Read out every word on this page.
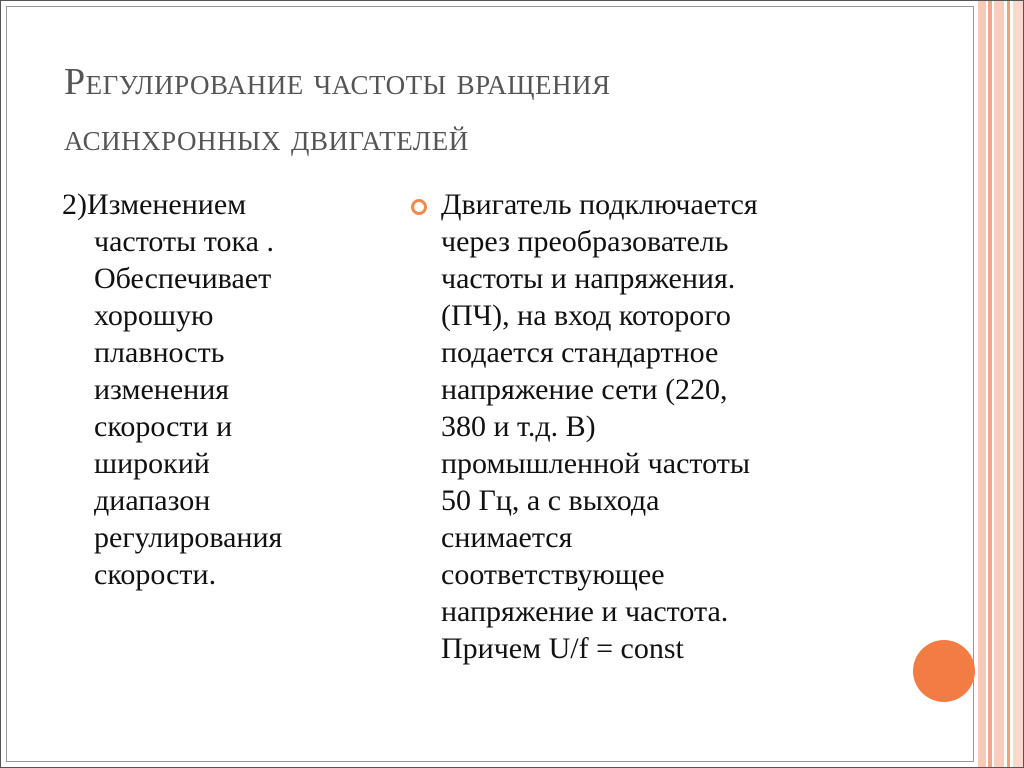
Регулирование частоты вращения
асинхронных двигателей
2)Изменением
частоты тока .
Обеспечивает
хорошую
плавность
изменения
скорости и
широкий
диапазон
регулирования
скорости.
Двигатель подключается
через преобразователь
частоты и напряжения.
(ПЧ), на вход которого
подается стандартное
напряжение сети (220,
380 и т.д. В)
промышленной частоты
50 Гц, а с выхода
снимается
соответствующее
напряжение и частота.
Причем U/f = const
